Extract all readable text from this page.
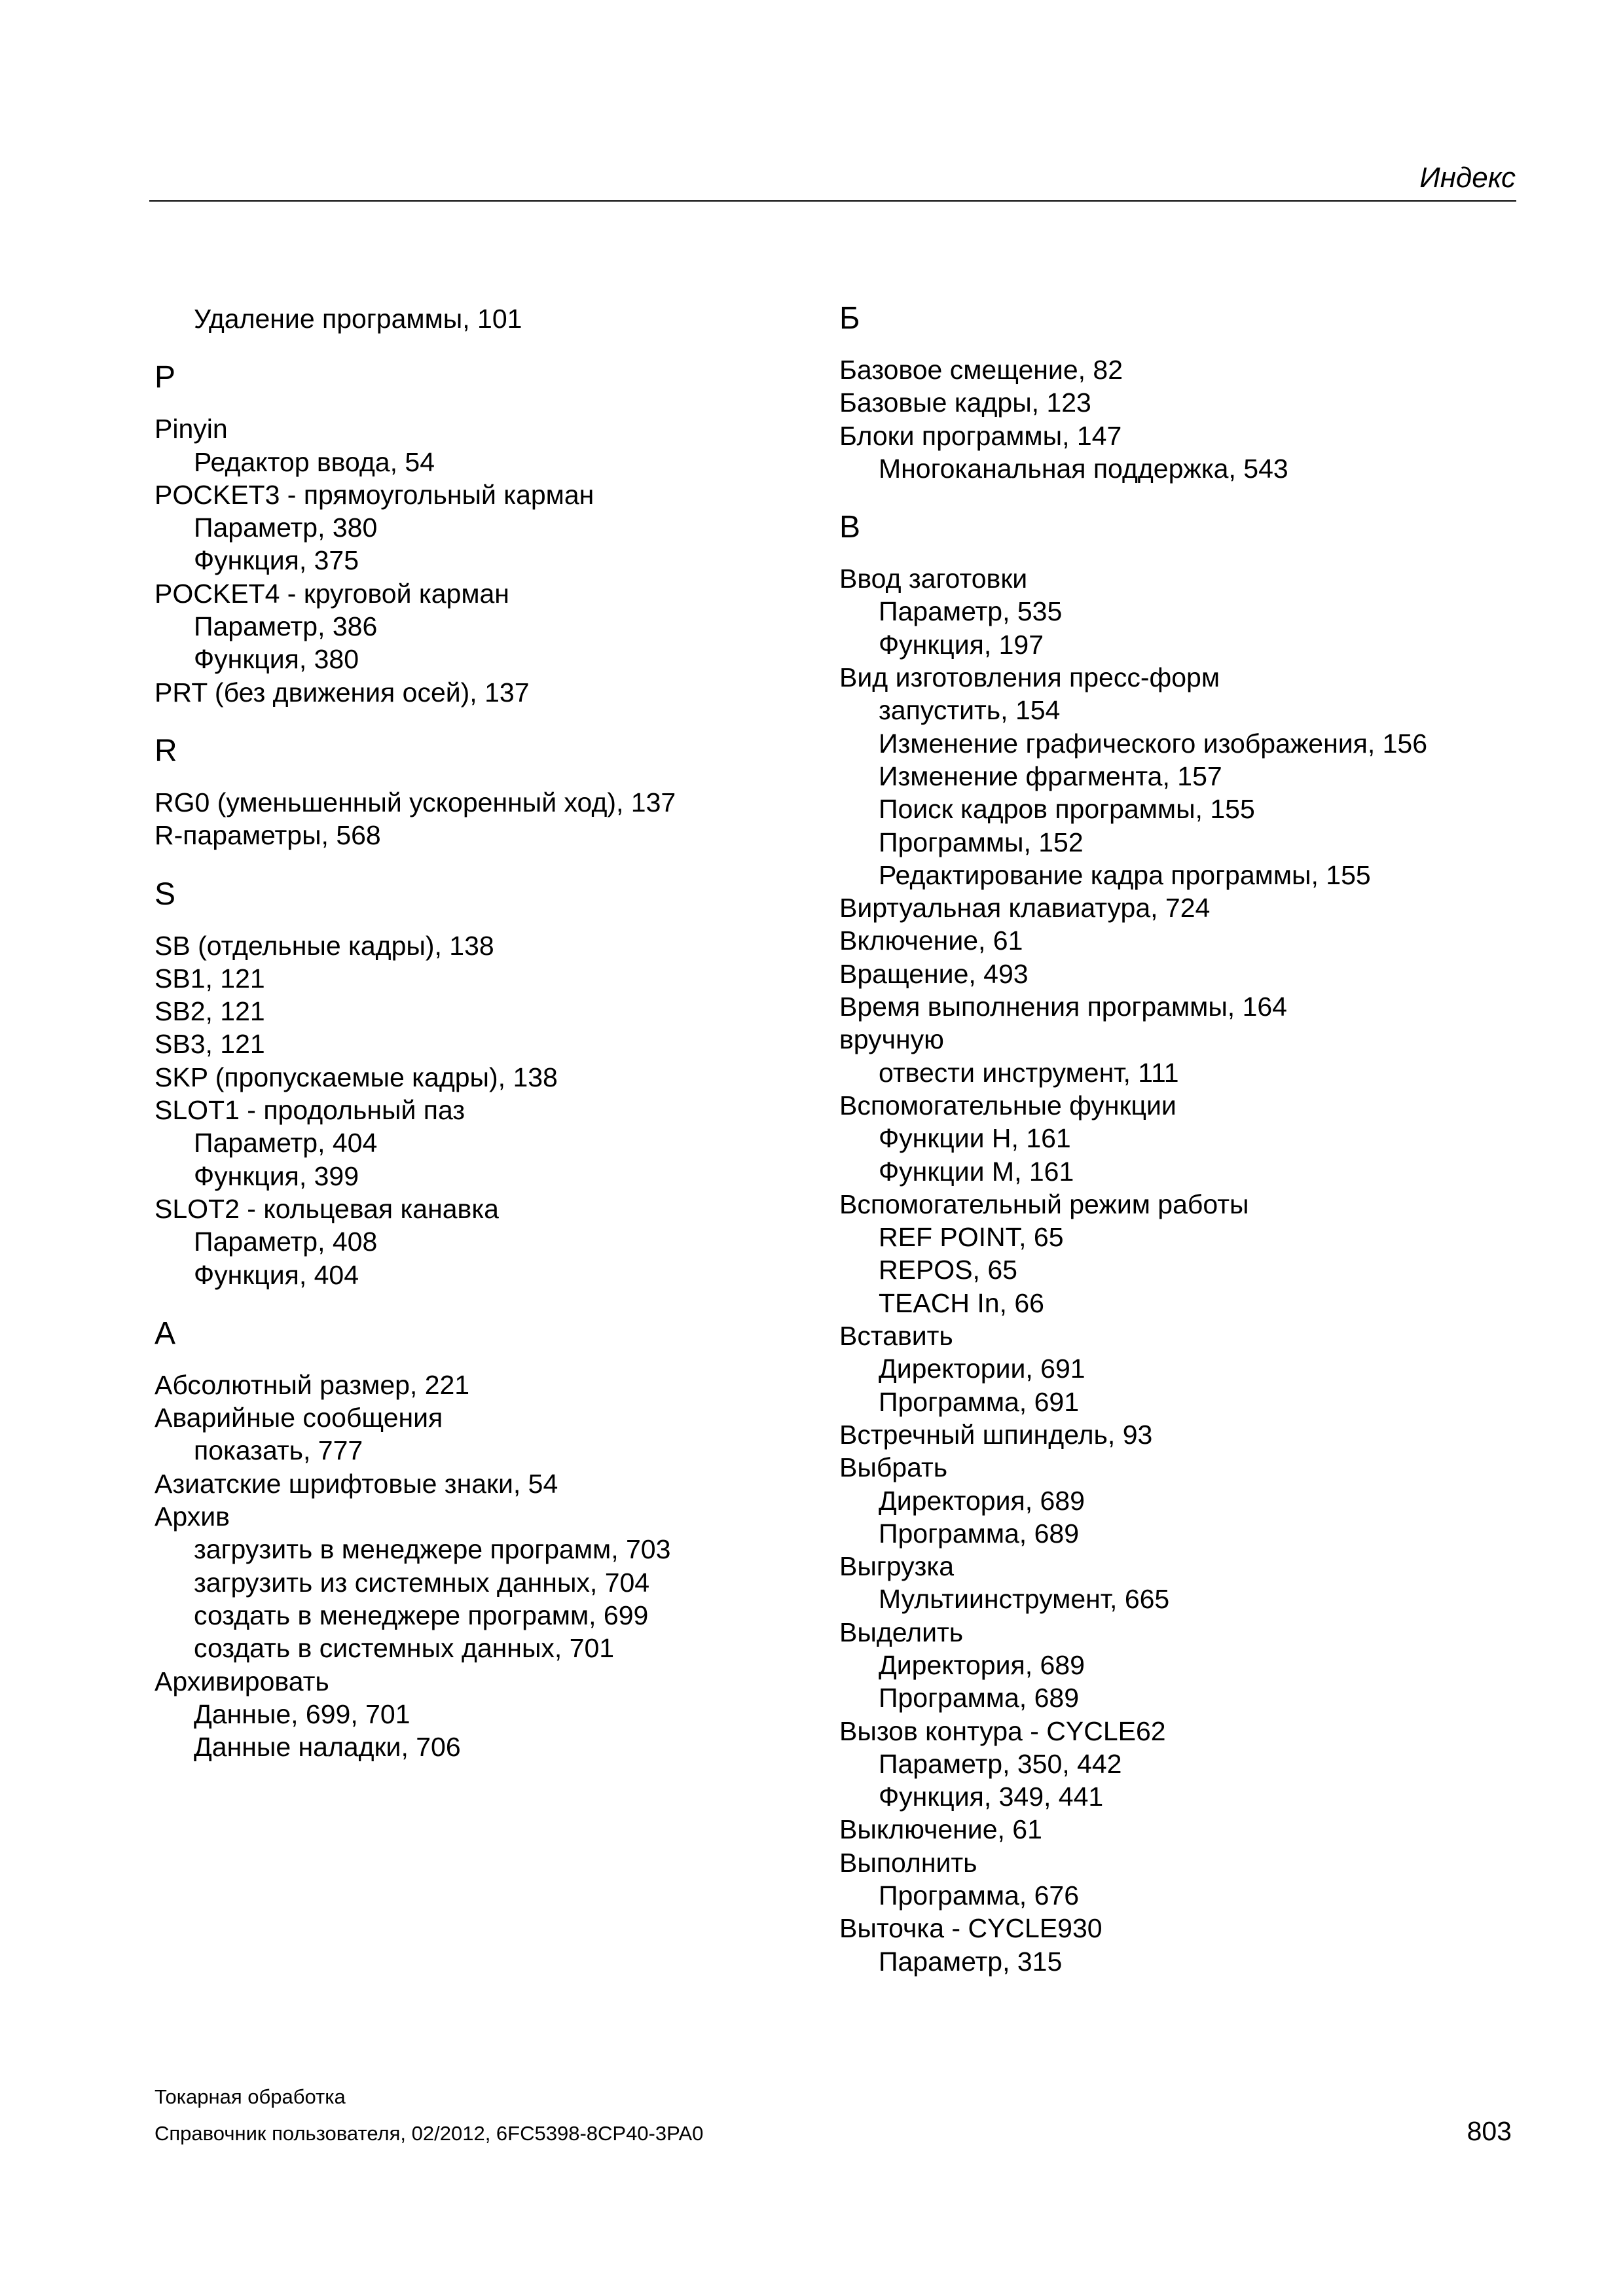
Индекс
Удаление программы, 101
P
Pinyin
Редактор ввода, 54
POCKET3 - прямоугольный карман
Параметр, 380
Функция, 375
POCKET4 - круговой карман
Параметр, 386
Функция, 380
PRT (без движения осей), 137
R
RG0 (уменьшенный ускоренный ход), 137
R-параметры, 568
S
SB (отдельные кадры), 138
SB1, 121
SB2, 121
SB3, 121
SKP (пропускаемые кадры), 138
SLOT1 - продольный паз
Параметр, 404
Функция, 399
SLOT2 - кольцевая канавка
Параметр, 408
Функция, 404
А
Абсолютный размер, 221
Аварийные сообщения
показать, 777
Азиатские шрифтовые знаки, 54
Архив
загрузить в менеджере программ, 703
загрузить из системных данных, 704
создать в менеджере программ, 699
создать в системных данных, 701
Архивировать
Данные, 699, 701
Данные наладки, 706
Б
Базовое смещение, 82
Базовые кадры, 123
Блоки программы, 147
Многоканальная поддержка, 543
В
Ввод заготовки
Параметр, 535
Функция, 197
Вид изготовления пресс-форм
запустить, 154
Изменение графического изображения, 156
Изменение фрагмента, 157
Поиск кадров программы, 155
Программы, 152
Редактирование кадра программы, 155
Виртуальная клавиатура, 724
Включение, 61
Вращение, 493
Время выполнения программы, 164
вручную
отвести инструмент, 111
Вспомогательные функции
Функции H, 161
Функции M, 161
Вспомогательный режим работы
REF POINT, 65
REPOS, 65
TEACH In, 66
Вставить
Директории, 691
Программа, 691
Встречный шпиндель, 93
Выбрать
Директория, 689
Программа, 689
Выгрузка
Мультиинструмент, 665
Выделить
Директория, 689
Программа, 689
Вызов контура - CYCLE62
Параметр, 350, 442
Функция, 349, 441
Выключение, 61
Выполнить
Программа, 676
Выточка - CYCLE930
Параметр, 315
Токарная обработка
Справочник пользователя, 02/2012, 6FC5398-8CP40-3PA0	803
